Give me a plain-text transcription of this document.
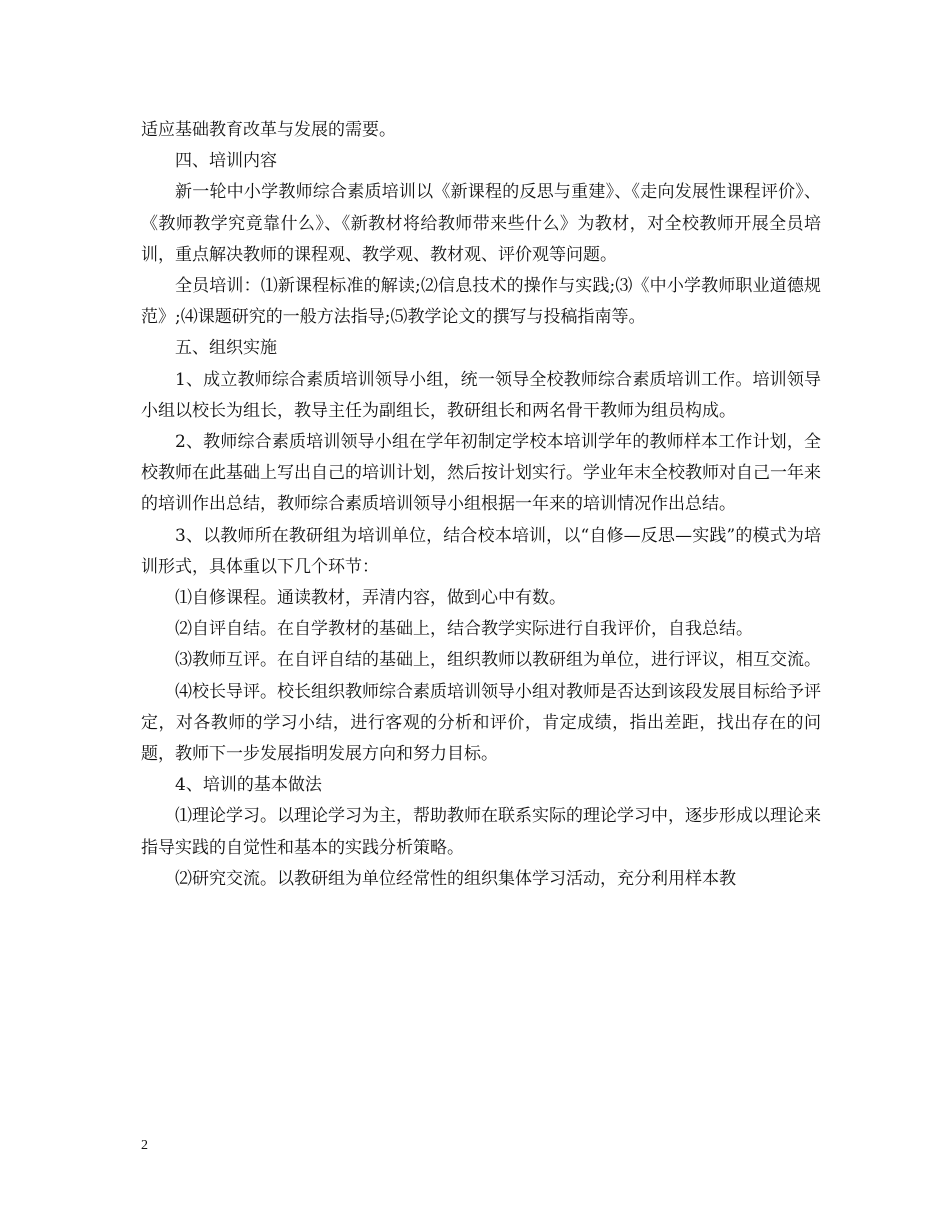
适应基础教育改革与发展的需要。

四、培训内容

新一轮中小学教师综合素质培训以《新课程的反思与重建》、《走向发展性课程评价》、《教师教学究竟靠什么》、《新教材将给教师带来些什么》为教材，对全校教师开展全员培训，重点解决教师的课程观、教学观、教材观、评价观等问题。

全员培训：⑴新课程标准的解读;⑵信息技术的操作与实践;⑶《中小学教师职业道德规范》;⑷课题研究的一般方法指导;⑸教学论文的撰写与投稿指南等。

五、组织实施

1、成立教师综合素质培训领导小组，统一领导全校教师综合素质培训工作。培训领导小组以校长为组长，教导主任为副组长，教研组长和两名骨干教师为组员构成。

2、教师综合素质培训领导小组在学年初制定学校本培训学年的教师样本工作计划，全校教师在此基础上写出自己的培训计划，然后按计划实行。学业年末全校教师对自己一年来的培训作出总结，教师综合素质培训领导小组根据一年来的培训情况作出总结。

3、以教师所在教研组为培训单位，结合校本培训，以“自修—反思—实践”的模式为培训形式，具体重以下几个环节：

⑴自修课程。通读教材，弄清内容，做到心中有数。

⑵自评自结。在自学教材的基础上，结合教学实际进行自我评价，自我总结。

⑶教师互评。在自评自结的基础上，组织教师以教研组为单位，进行评议，相互交流。

⑷校长导评。校长组织教师综合素质培训领导小组对教师是否达到该段发展目标给予评定，对各教师的学习小结，进行客观的分析和评价，肯定成绩，指出差距，找出存在的问题，教师下一步发展指明发展方向和努力目标。

4、培训的基本做法

⑴理论学习。以理论学习为主，帮助教师在联系实际的理论学习中，逐步形成以理论来指导实践的自觉性和基本的实践分析策略。

⑵研究交流。以教研组为单位经常性的组织集体学习活动，充分利用样本教

2
